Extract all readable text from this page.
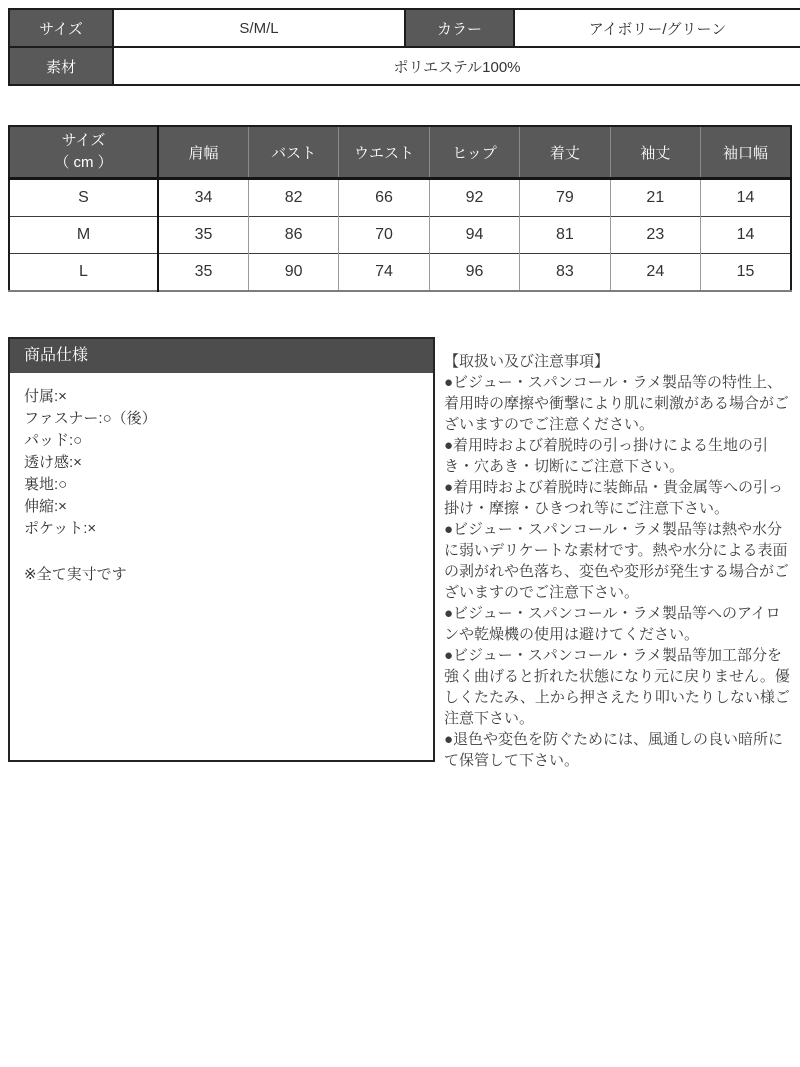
サイズ	S/M/L	カラー	アイボリー/グリーン
素材	ポリエステル100%		
サイズ
（ cm ）	肩幅	バスト	ウエスト	ヒップ	着丈	袖丈	袖口幅
S	34	82	66	92	79	21	14
M	35	86	70	94	81	23	14
L	35	90	74	96	83	24	15
商品仕様

付属:×

ファスナー:○（後）

パッド:○

透け感:×

裏地:○

伸縮:×

ポケット:×

※全て実寸です

【取扱い及び注意事項】

●ビジュー・スパンコール・ラメ製品等の特性上、着用時の摩擦や衝撃により肌に刺激がある場合がございますのでご注意ください。

●着用時および着脱時の引っ掛けによる生地の引き・穴あき・切断にご注意下さい。

●着用時および着脱時に装飾品・貴金属等への引っ掛け・摩擦・ひきつれ等にご注意下さい。

●ビジュー・スパンコール・ラメ製品等は熱や水分に弱いデリケートな素材です。熱や水分による表面の剥がれや色落ち、変色や変形が発生する場合がございますのでご注意下さい。

●ビジュー・スパンコール・ラメ製品等へのアイロンや乾燥機の使用は避けてください。

●ビジュー・スパンコール・ラメ製品等加工部分を強く曲げると折れた状態になり元に戻りません。優しくたたみ、上から押さえたり叩いたりしない様ご注意下さい。

●退色や変色を防ぐためには、風通しの良い暗所にて保管して下さい。
